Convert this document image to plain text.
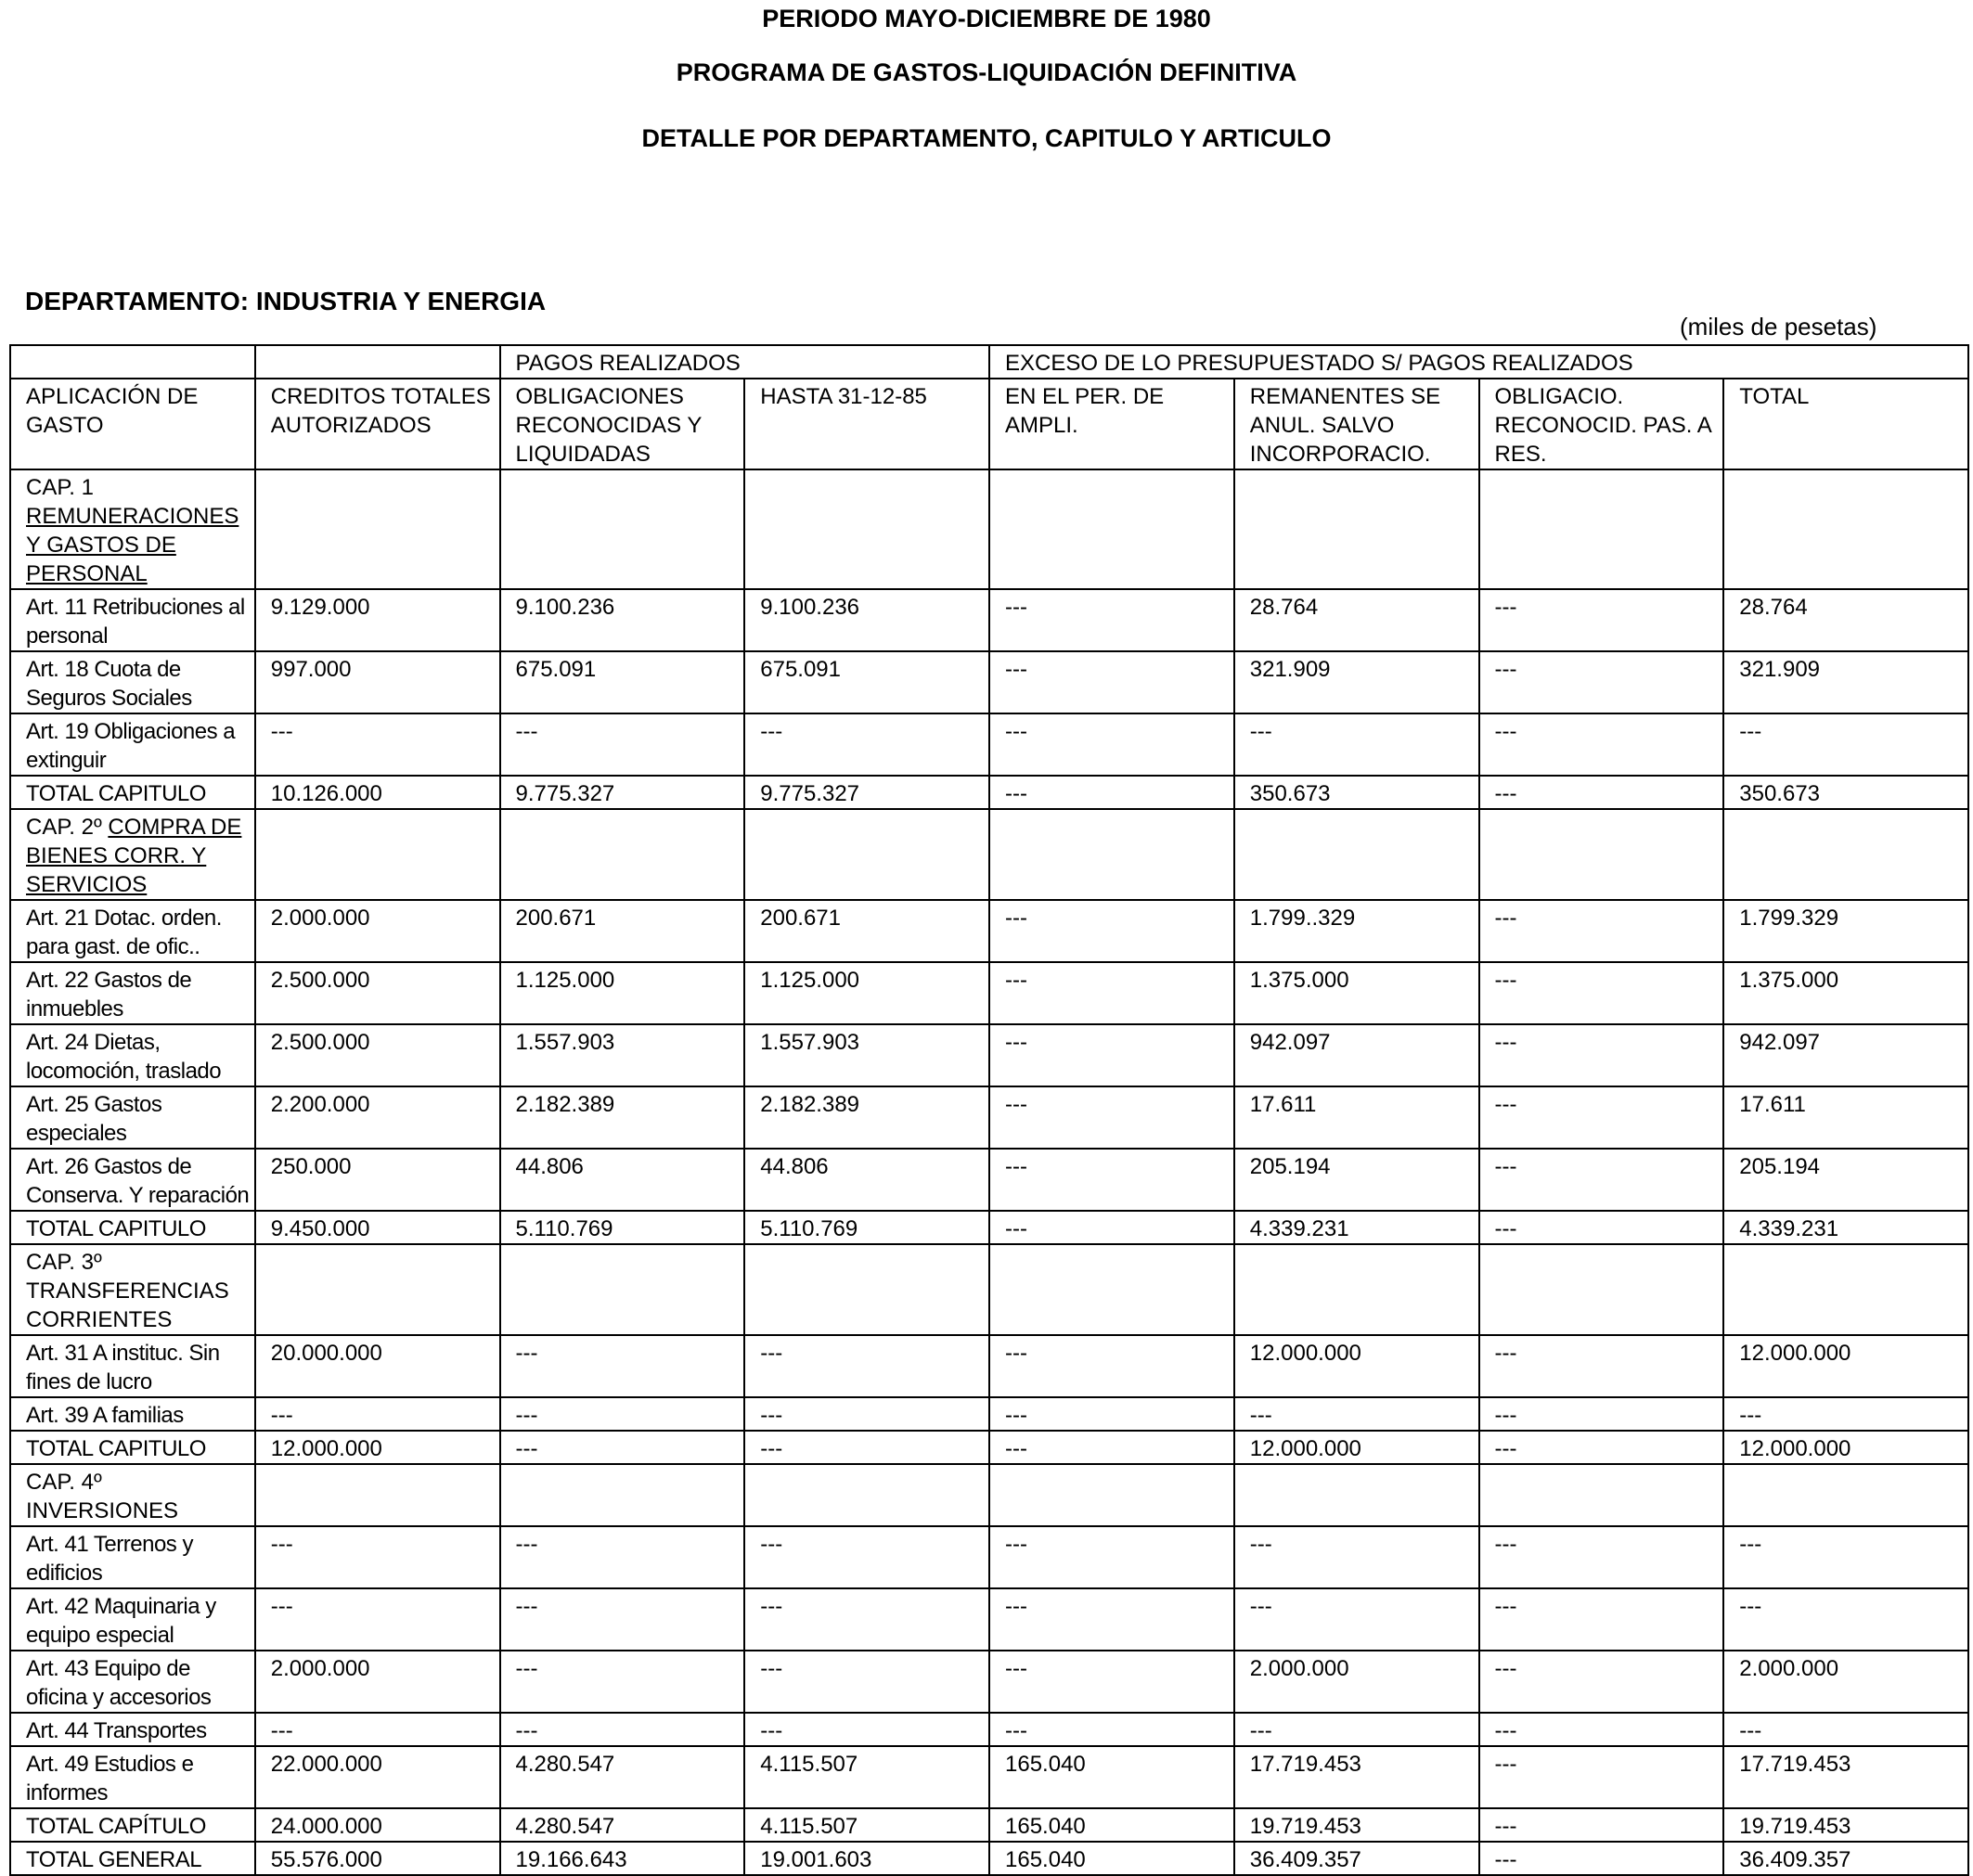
PERIODO MAYO-DICIEMBRE DE 1980
PROGRAMA DE GASTOS-LIQUIDACIÓN DEFINITIVA
DETALLE POR DEPARTAMENTO, CAPITULO Y ARTICULO
DEPARTAMENTO: INDUSTRIA Y ENERGIA
(miles de pesetas)
		PAGOS REALIZADOS		EXCESO DE LO PRESUPUESTADO S/ PAGOS REALIZADOS			
APLICACIÓN DE GASTO	CREDITOS TOTALES AUTORIZADOS	OBLIGACIONES RECONOCIDAS Y LIQUIDADAS	HASTA 31-12-85	EN EL PER. DE AMPLI.	REMANENTES SE ANUL. SALVO INCORPORACIO.	OBLIGACIO. RECONOCID. PAS. A RES.	TOTAL
CAP. 1 REMUNERACIONES Y GASTOS DE PERSONAL							
Art. 11 Retribuciones al personal	9.129.000	9.100.236	9.100.236	---	28.764	---	28.764
Art. 18 Cuota de Seguros Sociales	997.000	675.091	675.091	---	321.909	---	321.909
Art. 19 Obligaciones a extinguir	---	---	---	---	---	---	---
TOTAL CAPITULO	10.126.000	9.775.327	9.775.327	---	350.673	---	350.673
CAP. 2º COMPRA DE BIENES CORR. Y SERVICIOS							
Art. 21 Dotac. orden. para gast. de ofic..	2.000.000	200.671	200.671	---	1.799..329	---	1.799.329
Art. 22 Gastos de inmuebles	2.500.000	1.125.000	1.125.000	---	1.375.000	---	1.375.000
Art. 24 Dietas, locomoción, traslado	2.500.000	1.557.903	1.557.903	---	942.097	---	942.097
Art. 25 Gastos especiales	2.200.000	2.182.389	2.182.389	---	17.611	---	17.611
Art. 26 Gastos de Conserva. Y reparación	250.000	44.806	44.806	---	205.194	---	205.194
TOTAL CAPITULO	9.450.000	5.110.769	5.110.769	---	4.339.231	---	4.339.231
CAP. 3º TRANSFERENCIAS CORRIENTES							
Art. 31 A instituc. Sin fines de lucro	20.000.000	---	---	---	12.000.000	---	12.000.000
Art. 39 A familias	---	---	---	---	---	---	---
TOTAL CAPITULO	12.000.000	---	---	---	12.000.000	---	12.000.000
CAP. 4º INVERSIONES							
Art. 41 Terrenos y edificios	---	---	---	---	---	---	---
Art. 42 Maquinaria y equipo especial	---	---	---	---	---	---	---
Art. 43 Equipo de oficina y accesorios	2.000.000	---	---	---	2.000.000	---	2.000.000
Art. 44 Transportes	---	---	---	---	---	---	---
Art. 49 Estudios e informes	22.000.000	4.280.547	4.115.507	165.040	17.719.453	---	17.719.453
TOTAL CAPÍTULO	24.000.000	4.280.547	4.115.507	165.040	19.719.453	---	19.719.453
TOTAL GENERAL	55.576.000	19.166.643	19.001.603	165.040	36.409.357	---	36.409.357
